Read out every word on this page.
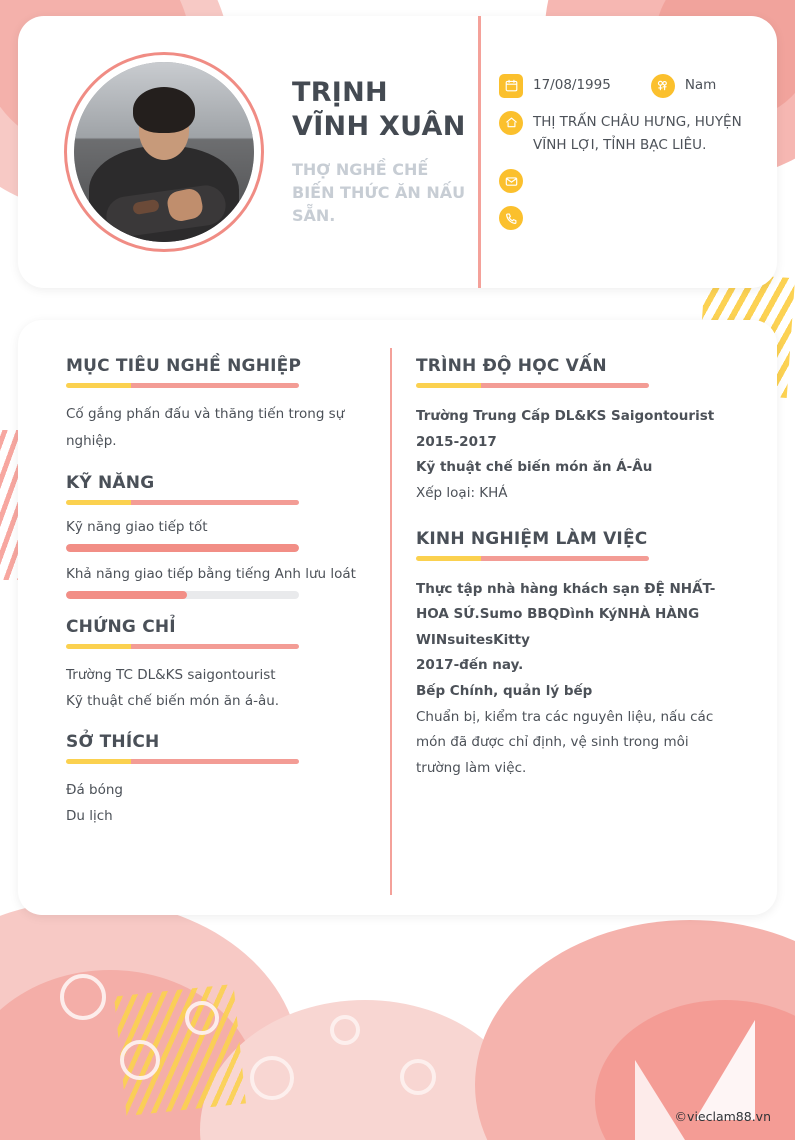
TRỊNH VĨNH XUÂN
THỢ NGHỀ CHẾ BIẾN THỨC ĂN NẤU SẴN.
17/08/1995	Nam
THỊ TRẤN CHÂU HƯNG, HUYỆN VĨNH LỢI, TỈNH BẠC LIÊU.
MỤC TIÊU NGHỀ NGHIỆP
Cố gắng phấn đấu và thăng tiến trong sự nghiệp.
KỸ NĂNG
Kỹ năng giao tiếp tốt
Khả năng giao tiếp bằng tiếng Anh lưu loát
CHỨNG CHỈ
Trường TC DL&KS saigontourist
Kỹ thuật chế biến món ăn á-âu.
SỞ THÍCH
Đá bóng
Du lịch
TRÌNH ĐỘ HỌC VẤN
Trường Trung Cấp DL&KS Saigontourist
2015-2017
Kỹ thuật chế biến món ăn Á-Âu
Xếp loại: KHÁ
KINH NGHIỆM LÀM VIỆC
Thực tập nhà hàng khách sạn ĐỆ NHẤT-HOA SỨ.Sumo BBQDình KýNHÀ HÀNG WINsuitesKitty
2017-đến nay.
Bếp Chính, quản lý bếp
Chuẩn bị, kiểm tra các nguyên liệu, nấu các món đã được chỉ định, vệ sinh trong môi trường làm việc.
©vieclam88.vn
